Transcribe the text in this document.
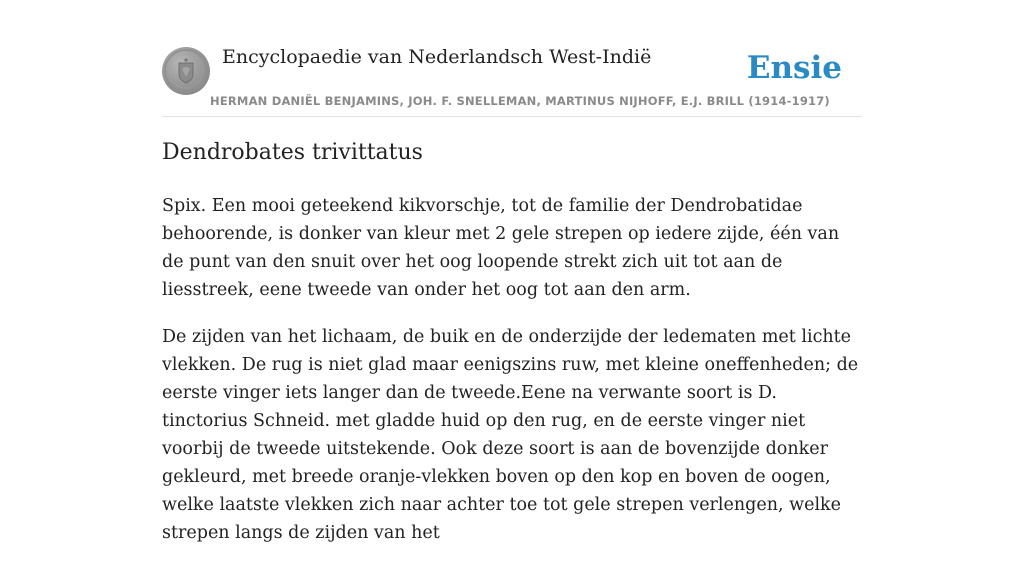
Encyclopaedie van Nederlandsch West-Indië	Ensie
HERMAN DANIËL BENJAMINS, JOH. F. SNELLEMAN, MARTINUS NIJHOFF, E.J. BRILL (1914-1917)
Dendrobates trivittatus

Spix. Een mooi geteekend kikvorschje, tot de familie der Dendrobatidae behoorende, is donker van kleur met 2 gele strepen op iedere zijde, één van de punt van den snuit over het oog loopende strekt zich uit tot aan de liesstreek, eene tweede van onder het oog tot aan den arm.

De zijden van het lichaam, de buik en de onderzijde der ledematen met lichte vlekken. De rug is niet glad maar eenigszins ruw, met kleine oneffenheden; de eerste vinger iets langer dan de tweede.Eene na verwante soort is D. tinctorius Schneid. met gladde huid op den rug, en de eerste vinger niet voorbij de tweede uitstekende. Ook deze soort is aan de bovenzijde donker gekleurd, met breede oranje-vlekken boven op den kop en boven de oogen, welke laatste vlekken zich naar achter toe tot gele strepen verlengen, welke strepen langs de zijden van het
